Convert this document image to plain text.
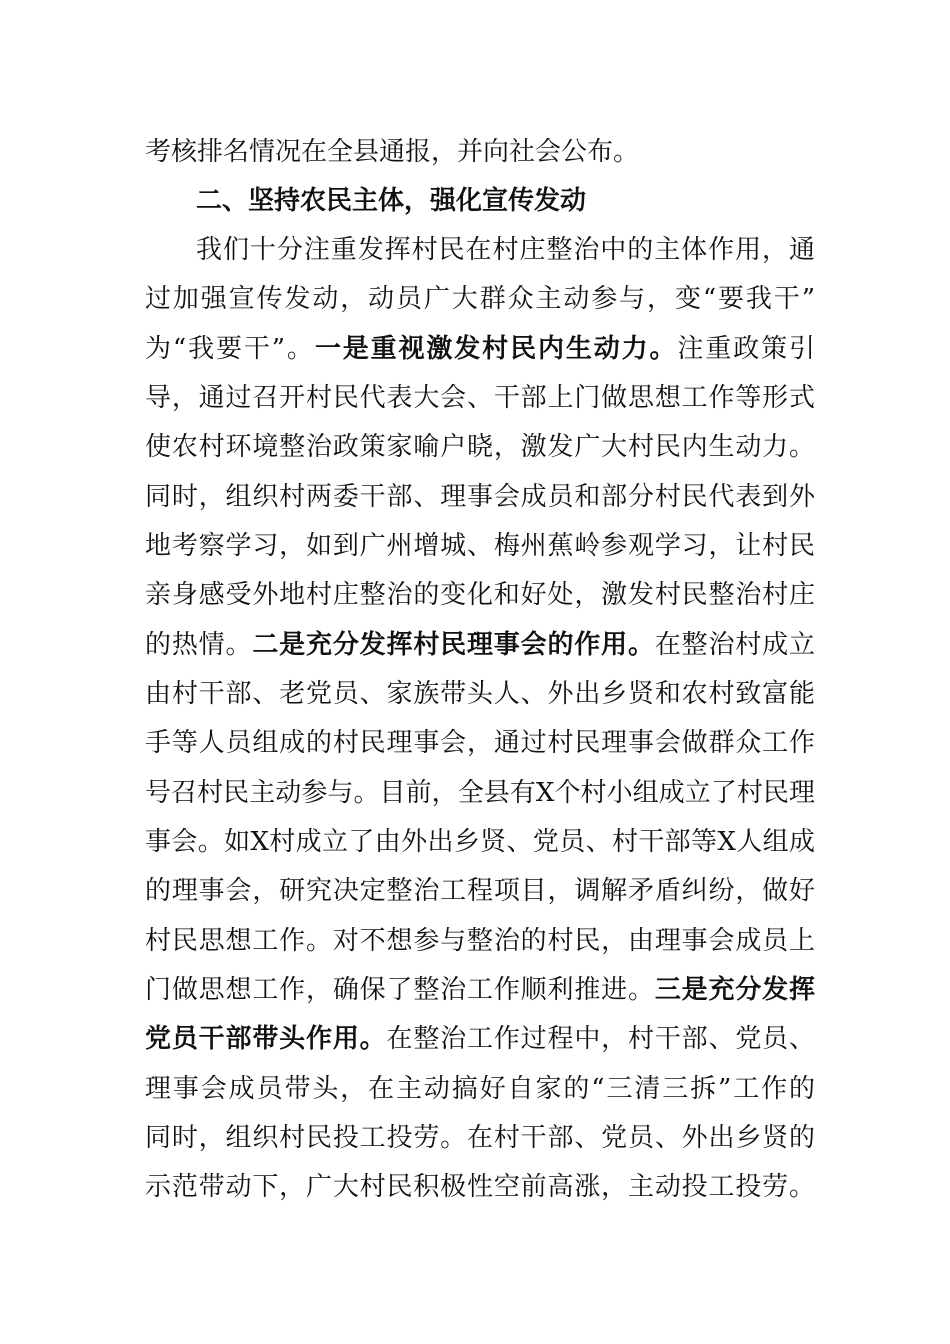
考核排名情况在全县通报，并向社会公布。
二、坚持农民主体，强化宣传发动
我们十分注重发挥村民在村庄整治中的主体作用，通
过加强宣传发动，动员广大群众主动参与，变“要我干”
为“我要干”。一是重视激发村民内生动力。注重政策引
导，通过召开村民代表大会、干部上门做思想工作等形式
使农村环境整治政策家喻户晓，激发广大村民内生动力。
同时，组织村两委干部、理事会成员和部分村民代表到外
地考察学习，如到广州增城、梅州蕉岭参观学习，让村民
亲身感受外地村庄整治的变化和好处，激发村民整治村庄
的热情。二是充分发挥村民理事会的作用。在整治村成立
由村干部、老党员、家族带头人、外出乡贤和农村致富能
手等人员组成的村民理事会，通过村民理事会做群众工作
号召村民主动参与。目前，全县有X个村小组成立了村民理
事会。如X村成立了由外出乡贤、党员、村干部等X人组成
的理事会，研究决定整治工程项目，调解矛盾纠纷，做好
村民思想工作。对不想参与整治的村民，由理事会成员上
门做思想工作，确保了整治工作顺利推进。三是充分发挥
党员干部带头作用。在整治工作过程中，村干部、党员、
理事会成员带头，在主动搞好自家的“三清三拆”工作的
同时，组织村民投工投劳。在村干部、党员、外出乡贤的
示范带动下，广大村民积极性空前高涨，主动投工投劳。
